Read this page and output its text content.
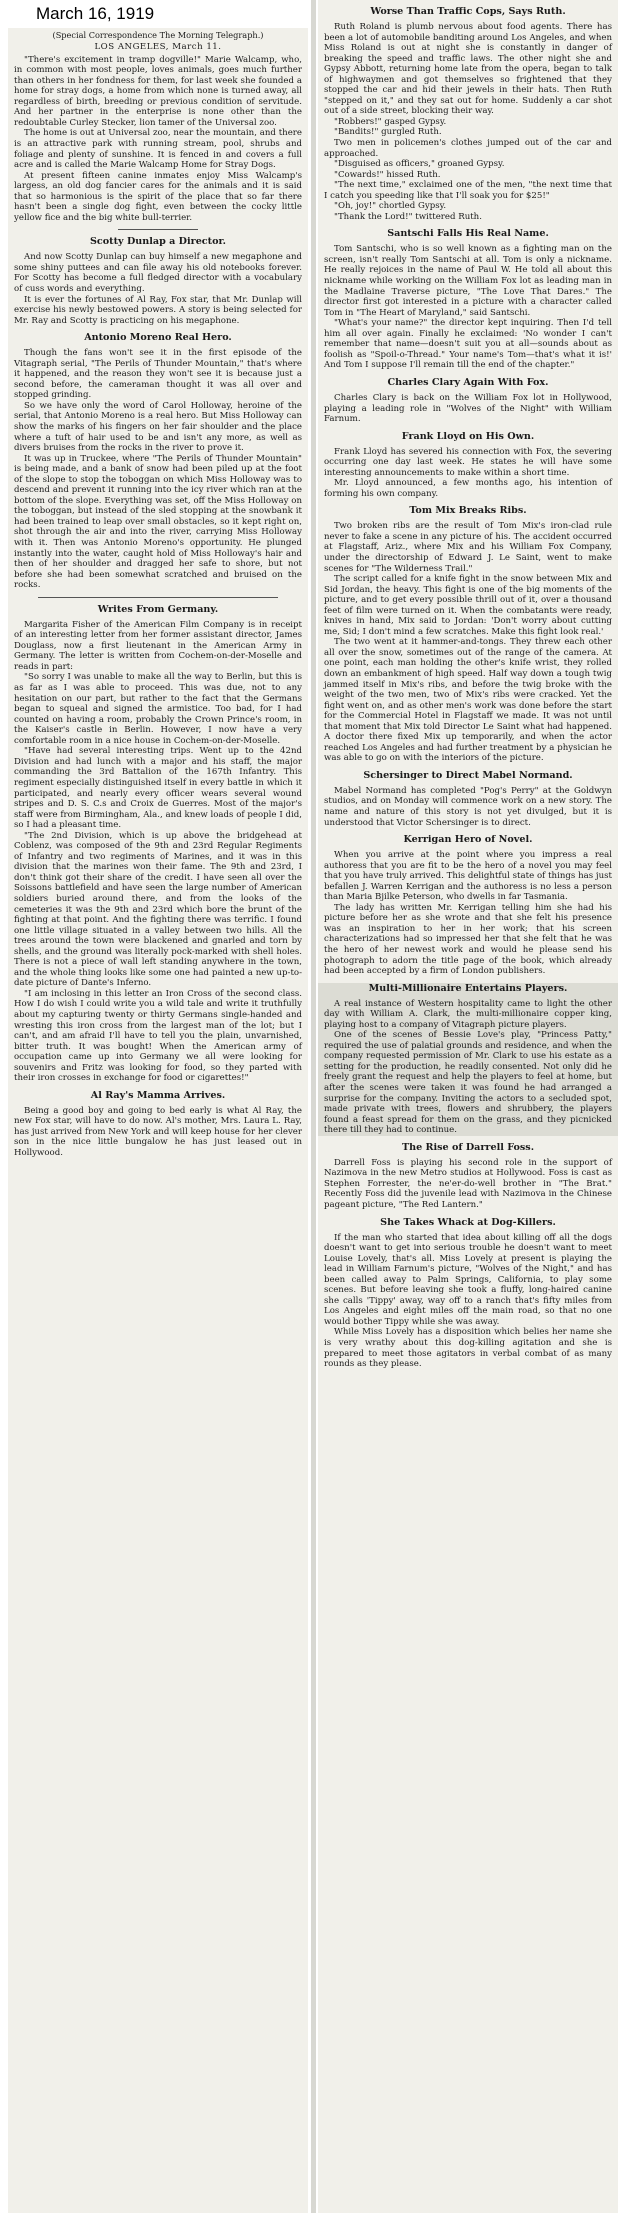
March 16, 1919
(Special Correspondence The Morning Telegraph.)
LOS ANGELES, March 11.

"There's excitement in tramp dogville!" Marie Walcamp, who, in common with most people, loves animals, goes much further than others in her fondness for them, for last week she founded a home for stray dogs, a home from which none is turned away, all regardless of birth, breeding or previous condition of servitude. And her partner in the enterprise is none other than the redoubtable Curley Stecker, lion tamer of the Universal zoo.

The home is out at Universal zoo, near the mountain, and there is an attractive park with running stream, pool, shrubs and foliage and plenty of sunshine. It is fenced in and covers a full acre and is called the Marie Walcamp Home for Stray Dogs.

At present fifteen canine inmates enjoy Miss Walcamp's largess, an old dog fancier cares for the animals and it is said that so harmonious is the spirit of the place that so far there hasn't been a single dog fight, even between the cocky little yellow fice and the big white bull-terrier.

Scotty Dunlap a Director.

And now Scotty Dunlap can buy himself a new megaphone and some shiny puttees and can file away his old notebooks forever. For Scotty has become a full fledged director with a vocabulary of cuss words and everything.

It is ever the fortunes of Al Ray, Fox star, that Mr. Dunlap will exercise his newly bestowed powers. A story is being selected for Mr. Ray and Scotty is practicing on his megaphone.

Antonio Moreno Real Hero.

Though the fans won't see it in the first episode of the Vitagraph serial, "The Perils of Thunder Mountain," that's where it happened, and the reason they won't see it is because just a second before, the cameraman thought it was all over and stopped grinding.

So we have only the word of Carol Holloway, heroine of the serial, that Antonio Moreno is a real hero. But Miss Holloway can show the marks of his fingers on her fair shoulder and the place where a tuft of hair used to be and isn't any more, as well as divers bruises from the rocks in the river to prove it.

It was up in Truckee, where "The Perils of Thunder Mountain" is being made, and a bank of snow had been piled up at the foot of the slope to stop the toboggan on which Miss Holloway was to descend and prevent it running into the icy river which ran at the bottom of the slope. Everything was set, off the Miss Holloway on the toboggan, but instead of the sled stopping at the snowbank it had been trained to leap over small obstacles, so it kept right on, shot through the air and into the river, carrying Miss Holloway with it. Then was Antonio Moreno's opportunity. He plunged instantly into the water, caught hold of Miss Holloway's hair and then of her shoulder and dragged her safe to shore, but not before she had been somewhat scratched and bruised on the rocks.

Writes From Germany.

Margarita Fisher of the American Film Company is in receipt of an interesting letter from her former assistant director, James Douglass, now a first lieutenant in the American Army in Germany. The letter is written from Cochem-on-der-Moselle and reads in part:

"So sorry I was unable to make all the way to Berlin, but this is as far as I was able to proceed. This was due, not to any hesitation on our part, but rather to the fact that the Germans began to squeal and signed the armistice. Too bad, for I had counted on having a room, probably the Crown Prince's room, in the Kaiser's castle in Berlin. However, I now have a very comfortable room in a nice house in Cochem-on-der-Moselle.

"Have had several interesting trips. Went up to the 42nd Division and had lunch with a major and his staff, the major commanding the 3rd Battalion of the 167th Infantry. This regiment especially distinguished itself in every battle in which it participated, and nearly every officer wears several wound stripes and D. S. C.s and Croix de Guerres. Most of the major's staff were from Birmingham, Ala., and knew loads of people I did, so I had a pleasant time.

"The 2nd Division, which is up above the bridgehead at Coblenz, was composed of the 9th and 23rd Regular Regiments of Infantry and two regiments of Marines, and it was in this division that the marines won their fame. The 9th and 23rd, I don't think got their share of the credit. I have seen all over the Soissons battlefield and have seen the large number of American soldiers buried around there, and from the looks of the cemeteries it was the 9th and 23rd which bore the brunt of the fighting at that point. And the fighting there was terrific. I found one little village situated in a valley between two hills. All the trees around the town were blackened and gnarled and torn by shells, and the ground was literally pock-marked with shell holes. There is not a piece of wall left standing anywhere in the town, and the whole thing looks like some one had painted a new up-to-date picture of Dante's Inferno.

"I am inclosing in this letter an Iron Cross of the second class. How I do wish I could write you a wild tale and write it truthfully about my capturing twenty or thirty Germans single-handed and wresting this iron cross from the largest man of the lot; but I can't, and am afraid I'll have to tell you the plain, unvarnished, bitter truth. It was bought! When the American army of occupation came up into Germany we all were looking for souvenirs and Fritz was looking for food, so they parted with their iron crosses in exchange for food or cigarettes!"

Al Ray's Mamma Arrives.

Being a good boy and going to bed early is what Al Ray, the new Fox star, will have to do now. Al's mother, Mrs. Laura L. Ray, has just arrived from New York and will keep house for her clever son in the nice little bungalow he has just leased out in Hollywood.

Worse Than Traffic Cops, Says Ruth.

Ruth Roland is plumb nervous about food agents. There has been a lot of automobile banditing around Los Angeles, and when Miss Roland is out at night she is constantly in danger of breaking the speed and traffic laws. The other night she and Gypsy Abbott, returning home late from the opera, began to talk of highwaymen and got themselves so frightened that they stopped the car and hid their jewels in their hats. Then Ruth "stepped on it," and they sat out for home. Suddenly a car shot out of a side street, blocking their way.

"Robbers!" gasped Gypsy.

"Bandits!" gurgled Ruth.

Two men in policemen's clothes jumped out of the car and approached.

"Disguised as officers," groaned Gypsy.

"Cowards!" hissed Ruth.

"The next time," exclaimed one of the men, "the next time that I catch you speeding like that I'll soak you for $25!"

"Oh, joy!" chortled Gypsy.

"Thank the Lord!" twittered Ruth.

Santschi Falls His Real Name.

Tom Santschi, who is so well known as a fighting man on the screen, isn't really Tom Santschi at all. Tom is only a nickname. He really rejoices in the name of Paul W. He told all about this nickname while working on the William Fox lot as leading man in the Madlaine Traverse picture, "The Love That Dares." The director first got interested in a picture with a character called Tom in "The Heart of Maryland," said Santschi.

"What's your name?" the director kept inquiring. Then I'd tell him all over again. Finally he exclaimed: 'No wonder I can't remember that name—doesn't suit you at all—sounds about as foolish as "Spoil-o-Thread." Your name's Tom—that's what it is!' And Tom I suppose I'll remain till the end of the chapter."

Charles Clary Again With Fox.

Charles Clary is back on the William Fox lot in Hollywood, playing a leading role in "Wolves of the Night" with William Farnum.

Frank Lloyd on His Own.

Frank Lloyd has severed his connection with Fox, the severing occurring one day last week. He states he will have some interesting announcements to make within a short time.

Mr. Lloyd announced, a few months ago, his intention of forming his own company.

Tom Mix Breaks Ribs.

Two broken ribs are the result of Tom Mix's iron-clad rule never to fake a scene in any picture of his. The accident occurred at Flagstaff, Ariz., where Mix and his William Fox Company, under the directorship of Edward J. Le Saint, went to make scenes for "The Wilderness Trail."

The script called for a knife fight in the snow between Mix and Sid Jordan, the heavy. This fight is one of the big moments of the picture, and to get every possible thrill out of it, over a thousand feet of film were turned on it. When the combatants were ready, knives in hand, Mix said to Jordan: 'Don't worry about cutting me, Sid; I don't mind a few scratches. Make this fight look real.'

The two went at it hammer-and-tongs. They threw each other all over the snow, sometimes out of the range of the camera. At one point, each man holding the other's knife wrist, they rolled down an embankment of high speed. Half way down a tough twig jammed itself in Mix's ribs, and before the twig broke with the weight of the two men, two of Mix's ribs were cracked. Yet the fight went on, and as other men's work was done before the start for the Commercial Hotel in Flagstaff we made. It was not until that moment that Mix told Director Le Saint what had happened. A doctor there fixed Mix up temporarily, and when the actor reached Los Angeles and had further treatment by a physician he was able to go on with the interiors of the picture.

Schersinger to Direct Mabel Normand.

Mabel Normand has completed "Pog's Perry" at the Goldwyn studios, and on Monday will commence work on a new story. The name and nature of this story is not yet divulged, but it is understood that Victor Schersinger is to direct.

Kerrigan Hero of Novel.

When you arrive at the point where you impress a real authoress that you are fit to be the hero of a novel you may feel that you have truly arrived. This delightful state of things has just befallen J. Warren Kerrigan and the authoress is no less a person than Maria Bjilke Peterson, who dwells in far Tasmania.

The lady has written Mr. Kerrigan telling him she had his picture before her as she wrote and that she felt his presence was an inspiration to her in her work; that his screen characterizations had so impressed her that she felt that he was the hero of her newest work and would he please send his photograph to adorn the title page of the book, which already had been accepted by a firm of London publishers.

Multi-Millionaire Entertains Players.

A real instance of Western hospitality came to light the other day with William A. Clark, the multi-millionaire copper king, playing host to a company of Vitagraph picture players.

One of the scenes of Bessie Love's play, "Princess Patty," required the use of palatial grounds and residence, and when the company requested permission of Mr. Clark to use his estate as a setting for the production, he readily consented. Not only did he freely grant the request and help the players to feel at home, but after the scenes were taken it was found he had arranged a surprise for the company. Inviting the actors to a secluded spot, made private with trees, flowers and shrubbery, the players found a feast spread for them on the grass, and they picnicked there till they had to continue.

The Rise of Darrell Foss.

Darrell Foss is playing his second role in the support of Nazimova in the new Metro studios at Hollywood. Foss is cast as Stephen Forrester, the ne'er-do-well brother in "The Brat." Recently Foss did the juvenile lead with Nazimova in the Chinese pageant picture, "The Red Lantern."

She Takes Whack at Dog-Killers.

If the man who started that idea about killing off all the dogs doesn't want to get into serious trouble he doesn't want to meet Louise Lovely, that's all. Miss Lovely at present is playing the lead in William Farnum's picture, "Wolves of the Night," and has been called away to Palm Springs, California, to play some scenes. But before leaving she took a fluffy, long-haired canine she calls 'Tippy' away, way off to a ranch that's fifty miles from Los Angeles and eight miles off the main road, so that no one would bother Tippy while she was away.

While Miss Lovely has a disposition which belies her name she is very wrathy about this dog-killing agitation and she is prepared to meet those agitators in verbal combat of as many rounds as they please.
